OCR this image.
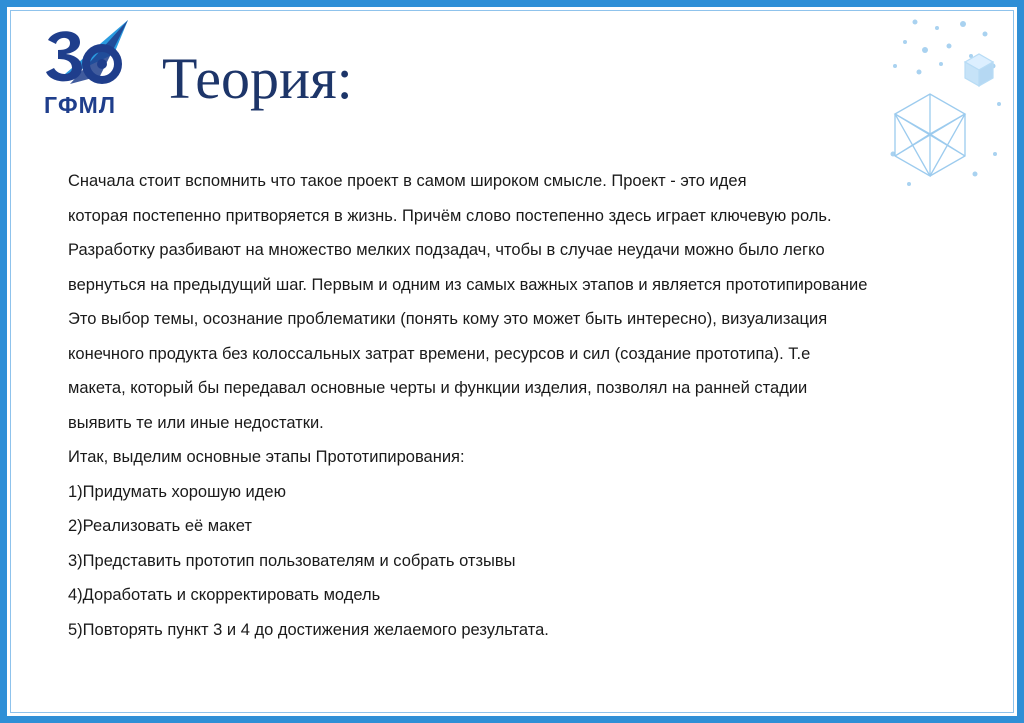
ГФМЛ Теория:
Сначала стоит вспомнить что такое проект в самом широком смысле. Проект - это идея
которая постепенно притворяется в жизнь. Причём слово постепенно здесь играет ключевую роль.
Разработку разбивают на множество мелких подзадач, чтобы в случае неудачи можно было легко
вернуться на предыдущий шаг. Первым и одним из самых важных этапов и является прототипирование
Это выбор темы, осознание проблематики (понять кому это может быть интересно), визуализация
конечного продукта без колоссальных затрат времени, ресурсов и сил (создание прототипа). Т.е
макета, который бы передавал основные черты и функции изделия, позволял на ранней стадии
выявить те или иные недостатки.
Итак, выделим основные этапы Прототипирования:
1)Придумать хорошую идею
2)Реализовать её макет
3)Представить прототип пользователям и собрать отзывы
4)Доработать и скорректировать модель
5)Повторять пункт 3 и 4 до достижения желаемого результата.
